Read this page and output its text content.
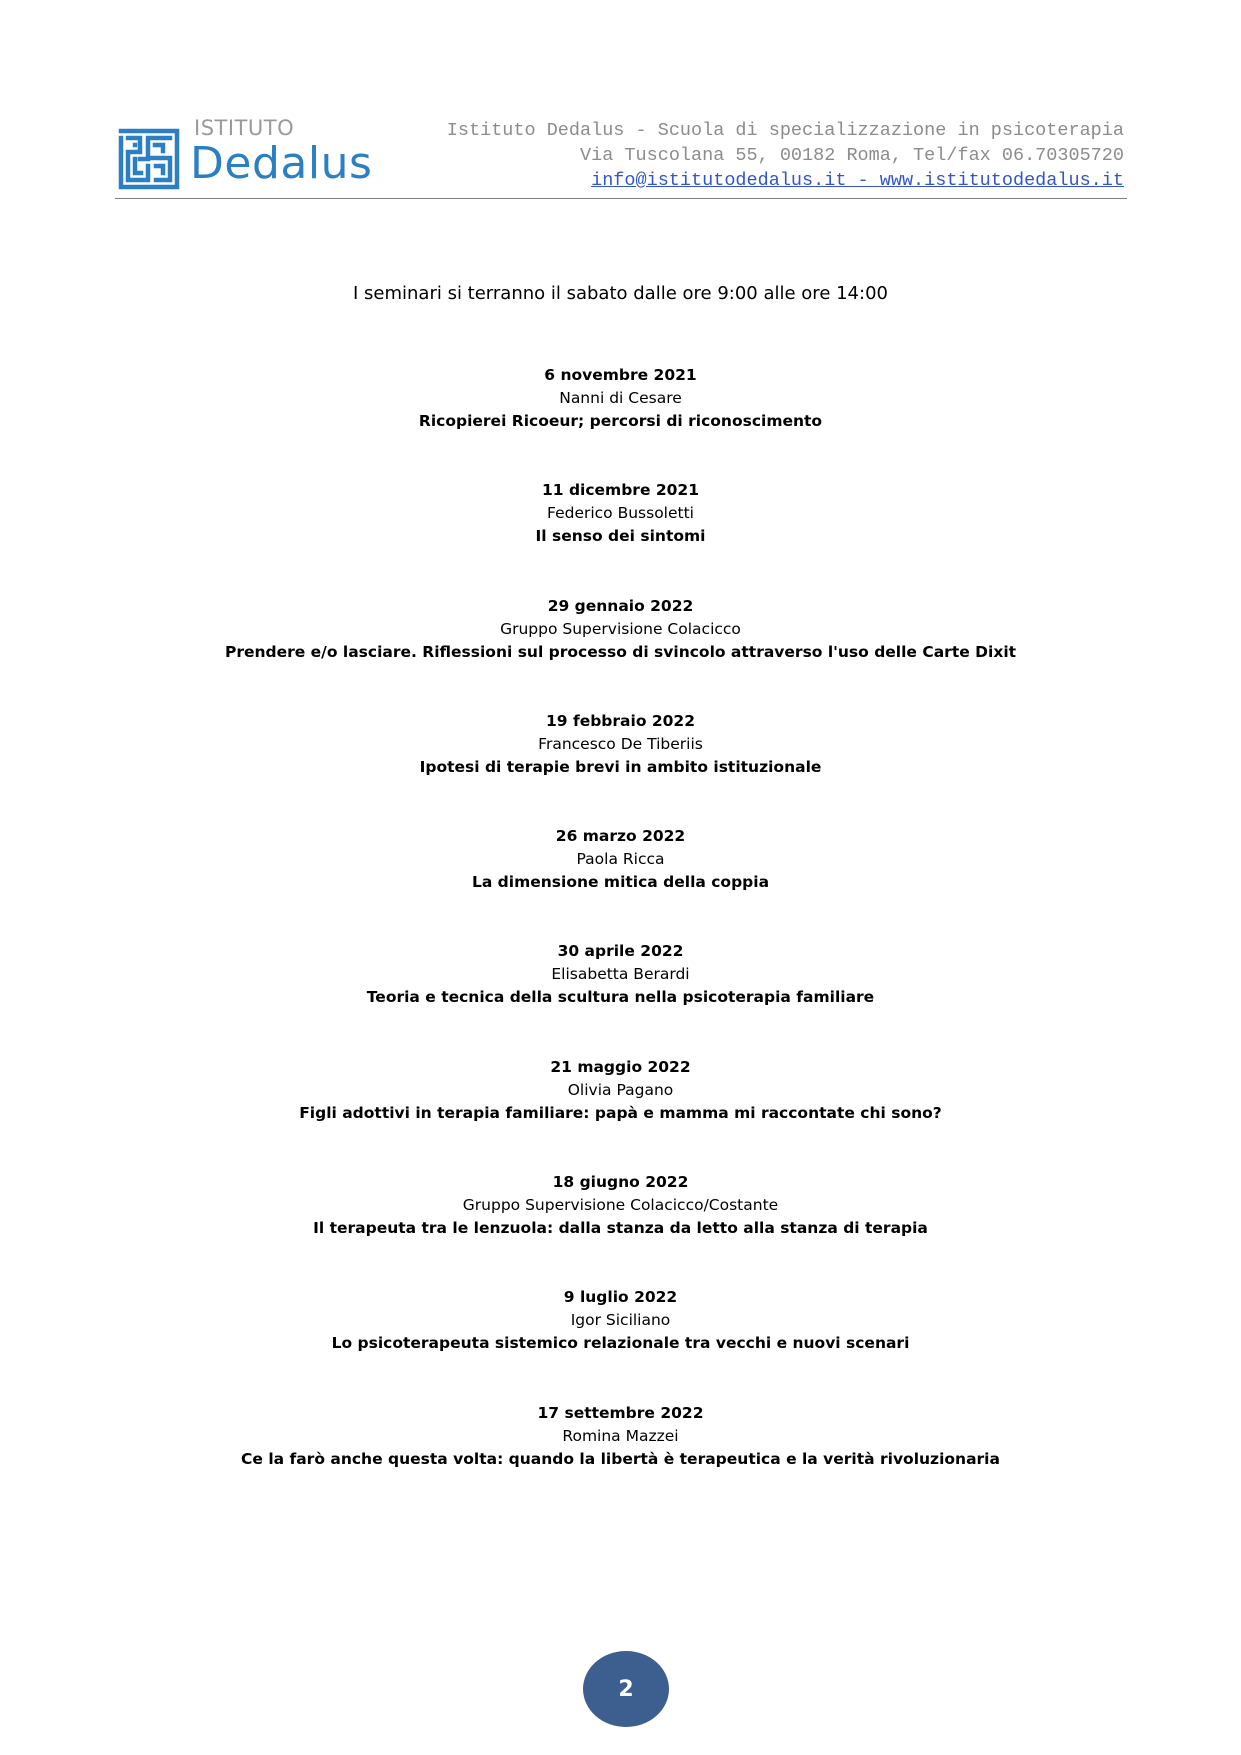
ISTITUTO
Dedalus
Istituto Dedalus - Scuola di specializzazione in psicoterapia
Via Tuscolana 55, 00182 Roma, Tel/fax 06.70305720
info@istitutodedalus.it - www.istitutodedalus.it
I seminari si terranno il sabato dalle ore 9:00 alle ore 14:00
6 novembre 2021
Nanni di Cesare
Ricopierei Ricoeur; percorsi di riconoscimento
11 dicembre 2021
Federico Bussoletti
Il senso dei sintomi
29 gennaio 2022
Gruppo Supervisione Colacicco
Prendere e/o lasciare. Riflessioni sul processo di svincolo attraverso l'uso delle Carte Dixit
19 febbraio 2022
Francesco De Tiberiis
Ipotesi di terapie brevi in ambito istituzionale
26 marzo 2022
Paola Ricca
La dimensione mitica della coppia
30 aprile 2022
Elisabetta Berardi
Teoria e tecnica della scultura nella psicoterapia familiare
21 maggio 2022
Olivia Pagano
Figli adottivi in terapia familiare: papà e mamma mi raccontate chi sono?
18 giugno 2022
Gruppo Supervisione Colacicco/Costante
Il terapeuta tra le lenzuola: dalla stanza da letto alla stanza di terapia
9 luglio 2022
Igor Siciliano
Lo psicoterapeuta sistemico relazionale tra vecchi e nuovi scenari
17 settembre 2022
Romina Mazzei
Ce la farò anche questa volta: quando la libertà è terapeutica e la verità rivoluzionaria
2
